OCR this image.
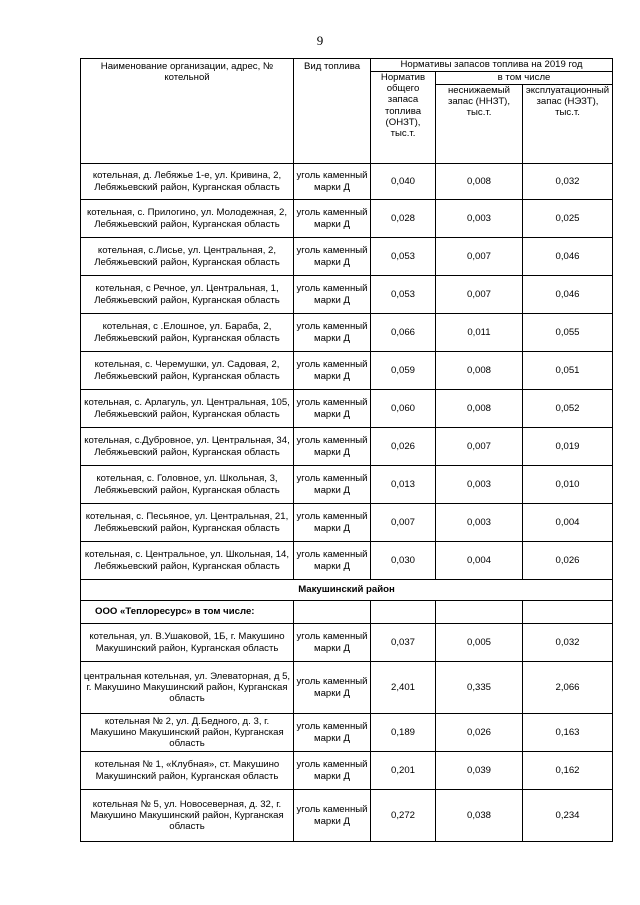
9
Наименование организации, адрес, № котельной	Вид топлива	Нормативы запасов топлива на 2019 год		
		Норматив общего запаса топлива (ОНЗТ), тыс.т.	в том числе	
			неснижаемый запас (ННЗТ), тыс.т.	эксплуатационный запас (НЭЗТ), тыс.т.
котельная, д. Лебяжье 1-е, ул. Кривина, 2, Лебяжьевский район, Курганская область	уголь каменный марки Д	0,040	0,008	0,032
котельная, с. Прилогино, ул. Молодежная, 2, Лебяжьевский район, Курганская область	уголь каменный марки Д	0,028	0,003	0,025
котельная, с.Лисье, ул. Центральная, 2, Лебяжьевский район, Курганская область	уголь каменный марки Д	0,053	0,007	0,046
котельная, с Речное, ул. Центральная, 1, Лебяжьевский район, Курганская область	уголь каменный марки Д	0,053	0,007	0,046
котельная, с .Елошное, ул. Бараба, 2, Лебяжьевский район, Курганская область	уголь каменный марки Д	0,066	0,011	0,055
котельная, с. Черемушки, ул. Садовая, 2, Лебяжьевский район, Курганская область	уголь каменный марки Д	0,059	0,008	0,051
котельная, с. Арлагуль, ул. Центральная, 105, Лебяжьевский район, Курганская область	уголь каменный марки Д	0,060	0,008	0,052
котельная, с.Дубровное, ул. Центральная, 34, Лебяжьевский район, Курганская область	уголь каменный марки Д	0,026	0,007	0,019
котельная, с. Головное, ул. Школьная, 3, Лебяжьевский район, Курганская область	уголь каменный марки Д	0,013	0,003	0,010
котельная, с. Песьяное, ул. Центральная, 21, Лебяжьевский район, Курганская область	уголь каменный марки Д	0,007	0,003	0,004
котельная, с. Центральное, ул. Школьная, 14, Лебяжьевский район, Курганская область	уголь каменный марки Д	0,030	0,004	0,026
Макушинский район				
ООО «Теплоресурс» в том числе:				
котельная, ул. В.Ушаковой, 1Б, г. Макушино Макушинский район, Курганская область	уголь каменный марки Д	0,037	0,005	0,032
центральная котельная, ул. Элеваторная, д 5, г. Макушино Макушинский район, Курганская область	уголь каменный марки Д	2,401	0,335	2,066
котельная № 2, ул. Д.Бедного, д. 3, г. Макушино Макушинский район, Курганская область	уголь каменный марки Д	0,189	0,026	0,163
котельная № 1, «Клубная», ст. Макушино Макушинский район, Курганская область	уголь каменный марки Д	0,201	0,039	0,162
котельная № 5, ул. Новосеверная, д. 32, г. Макушино Макушинский район, Курганская область	уголь каменный марки Д	0,272	0,038	0,234
